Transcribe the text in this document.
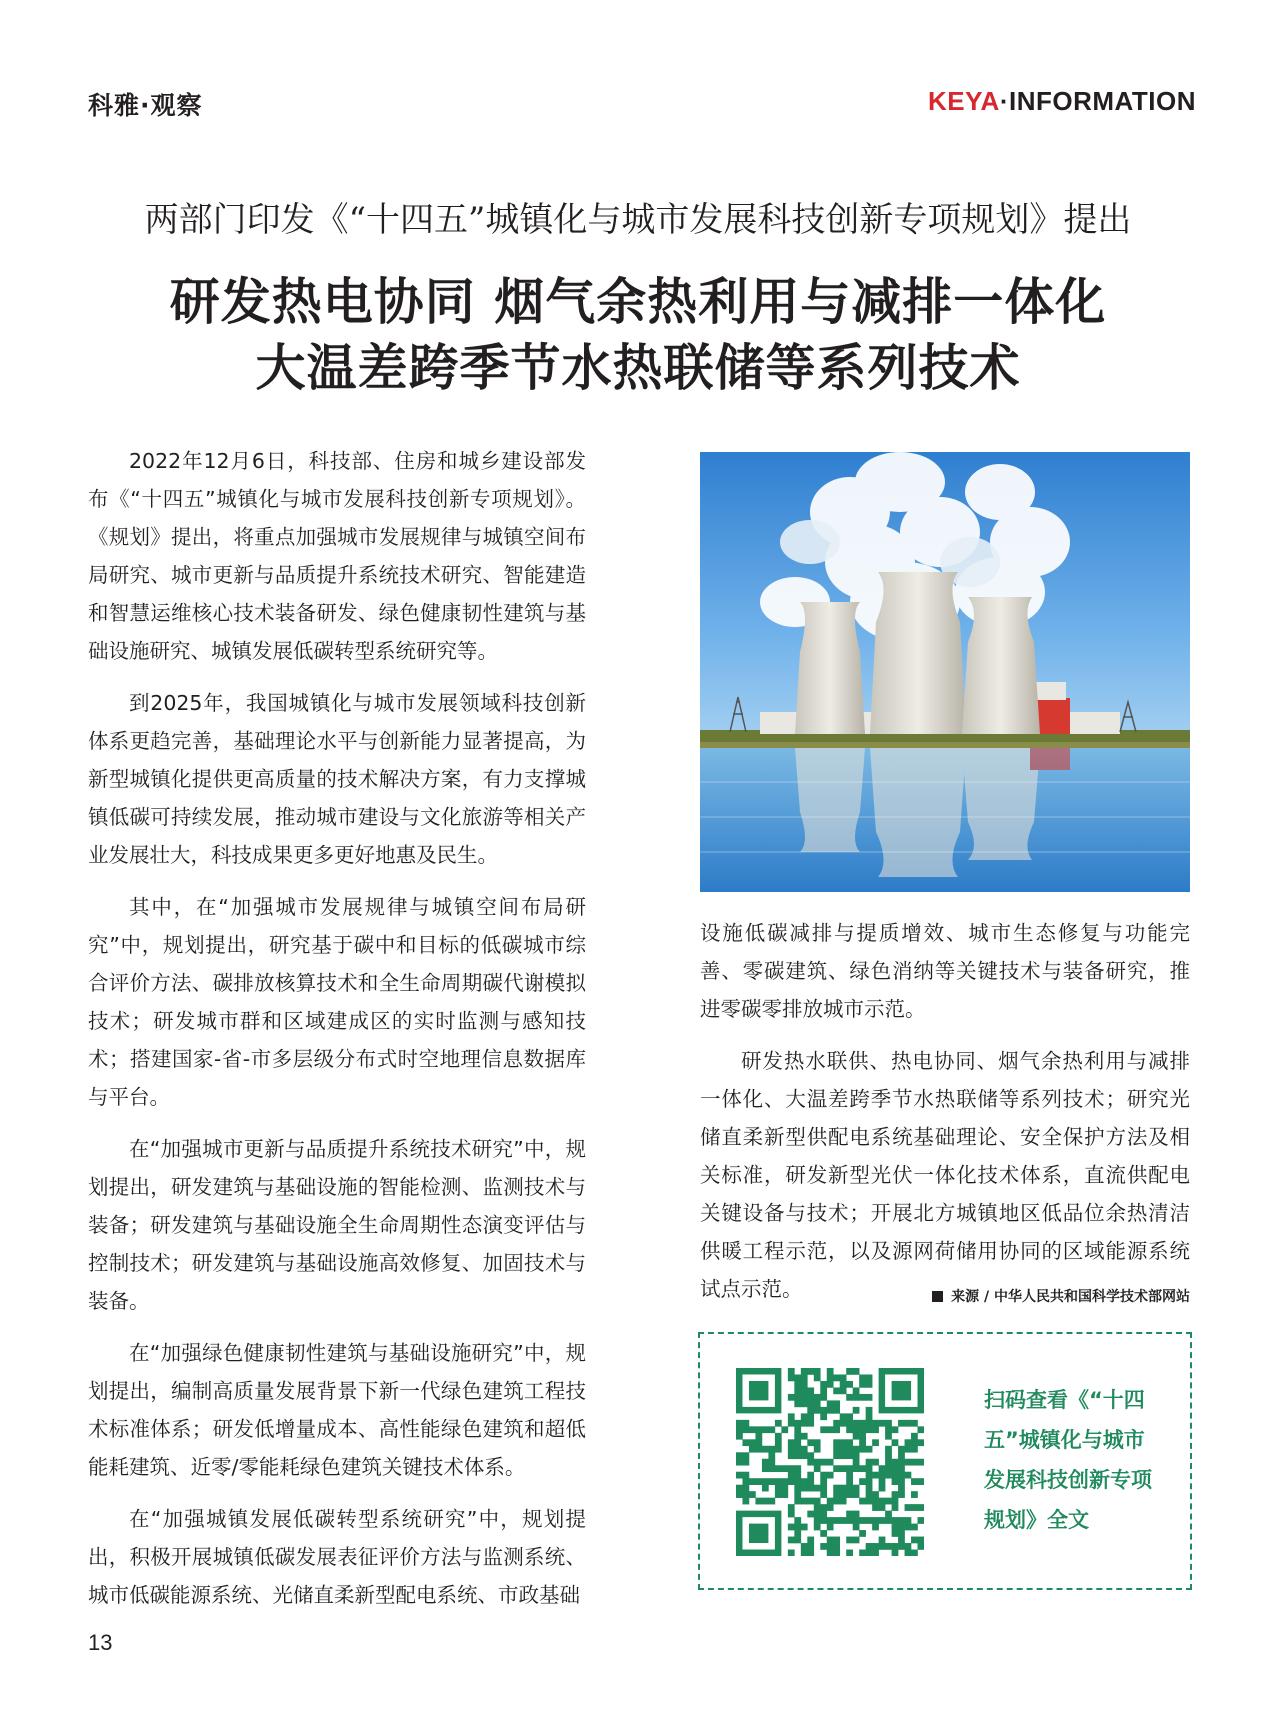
科雅·观察	KEYA·INFORMATION
两部门印发《“十四五”城镇化与城市发展科技创新专项规划》提出
研发热电协同 烟气余热利用与减排一体化
大温差跨季节水热联储等系列技术

2022年12月6日，科技部、住房和城乡建设部发布《“十四五”城镇化与城市发展科技创新专项规划》。《规划》提出，将重点加强城市发展规律与城镇空间布局研究、城市更新与品质提升系统技术研究、智能建造和智慧运维核心技术装备研发、绿色健康韧性建筑与基础设施研究、城镇发展低碳转型系统研究等。

到2025年，我国城镇化与城市发展领域科技创新体系更趋完善，基础理论水平与创新能力显著提高，为新型城镇化提供更高质量的技术解决方案，有力支撑城镇低碳可持续发展，推动城市建设与文化旅游等相关产业发展壮大，科技成果更多更好地惠及民生。

其中，在“加强城市发展规律与城镇空间布局研究”中，规划提出，研究基于碳中和目标的低碳城市综合评价方法、碳排放核算技术和全生命周期碳代谢模拟技术；研发城市群和区域建成区的实时监测与感知技术；搭建国家-省-市多层级分布式时空地理信息数据库与平台。

在“加强城市更新与品质提升系统技术研究”中，规划提出，研发建筑与基础设施的智能检测、监测技术与装备；研发建筑与基础设施全生命周期性态演变评估与控制技术；研发建筑与基础设施高效修复、加固技术与装备。

在“加强绿色健康韧性建筑与基础设施研究”中，规划提出，编制高质量发展背景下新一代绿色建筑工程技术标准体系；研发低增量成本、高性能绿色建筑和超低能耗建筑、近零/零能耗绿色建筑关键技术体系。

在“加强城镇发展低碳转型系统研究”中，规划提出，积极开展城镇低碳发展表征评价方法与监测系统、城市低碳能源系统、光储直柔新型配电系统、市政基础

设施低碳减排与提质增效、城市生态修复与功能完善、零碳建筑、绿色消纳等关键技术与装备研究，推进零碳零排放城市示范。

研发热水联供、热电协同、烟气余热利用与减排一体化、大温差跨季节水热联储等系列技术；研究光储直柔新型供配电系统基础理论、安全保护方法及相关标准，研发新型光伏一体化技术体系，直流供配电关键设备与技术；开展北方城镇地区低品位余热清洁供暖工程示范，以及源网荷储用协同的区域能源系统试点示范。	来源 / 中华人民共和国科学技术部网站
扫码查看《“十四五”城镇化与城市发展科技创新专项规划》全文
13
